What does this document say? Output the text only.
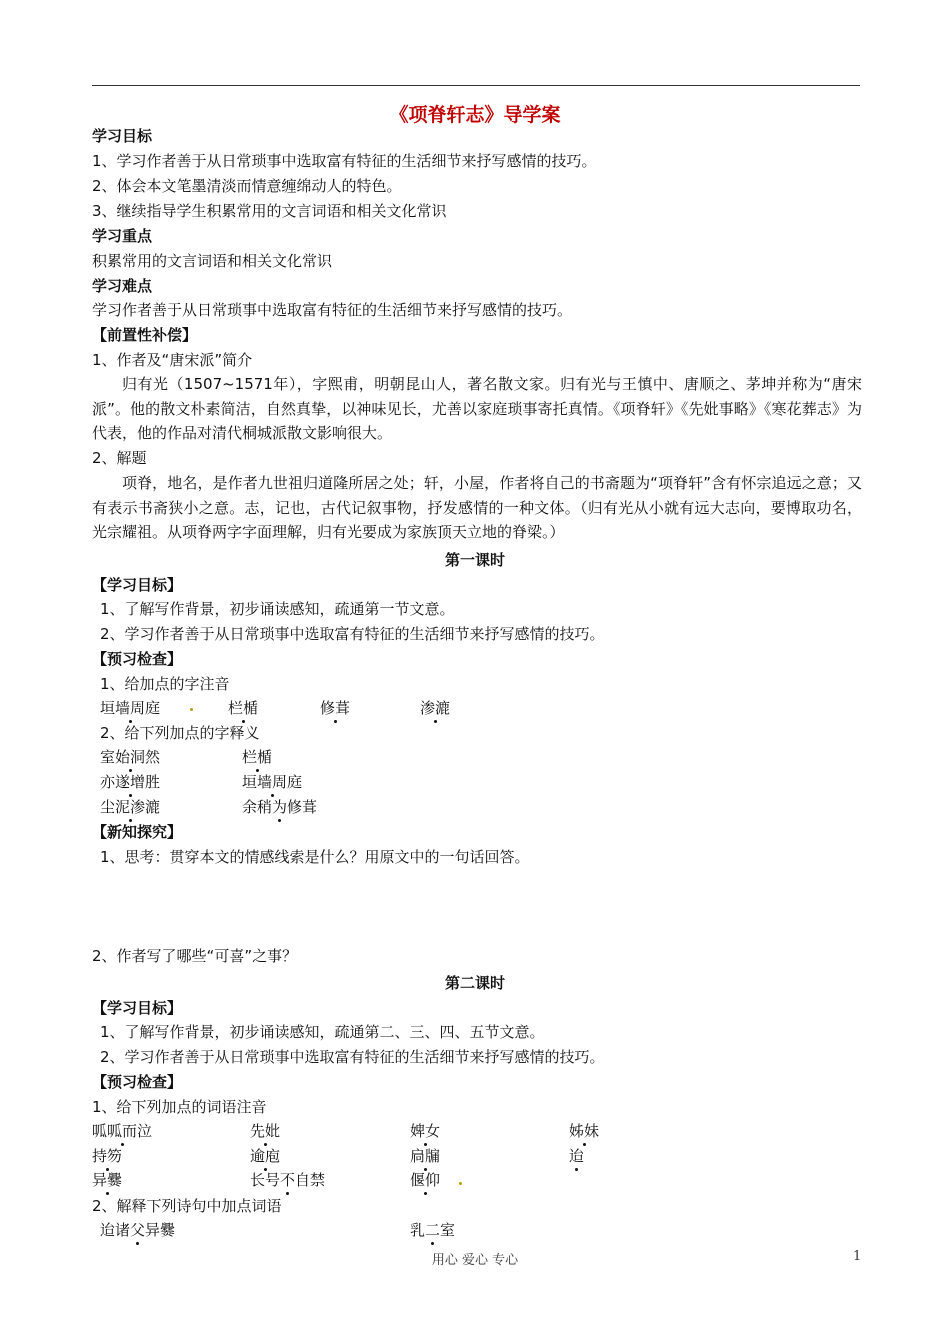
《项脊轩志》导学案
学习目标
1、学习作者善于从日常琐事中选取富有特征的生活细节来抒写感情的技巧。
2、体会本文笔墨清淡而情意缠绵动人的特色。
3、继续指导学生积累常用的文言词语和相关文化常识
学习重点
积累常用的文言词语和相关文化常识
学习难点
学习作者善于从日常琐事中选取富有特征的生活细节来抒写感情的技巧。
【前置性补偿】
1、作者及“唐宋派”简介
归有光（1507~1571年），字熙甫，明朝昆山人，著名散文家。归有光与王慎中、唐顺之、茅坤并称为“唐宋派”。他的散文朴素简洁，自然真挚，以神味见长，尤善以家庭琐事寄托真情。《项脊轩》《先妣事略》《寒花葬志》为代表，他的作品对清代桐城派散文影响很大。
2、解题
项脊，地名，是作者九世祖归道隆所居之处；轩，小屋，作者将自己的书斋题为“项脊轩”含有怀宗追远之意；又有表示书斋狭小之意。志，记也，古代记叙事物，抒发感情的一种文体。（归有光从小就有远大志向，要博取功名，光宗耀祖。从项脊两字字面理解，归有光要成为家族顶天立地的脊梁。）
第一课时
【学习目标】
1、了解写作背景，初步诵读感知，疏通第一节文意。
2、学习作者善于从日常琐事中选取富有特征的生活细节来抒写感情的技巧。
【预习检查】
1、给加点的字注音
垣墙周庭	栏楯	修葺	渗漉
2、给下列加点的字释义
室始洞然	栏楯
亦遂增胜	垣墙周庭
尘泥渗漉	余稍为修葺
【新知探究】
1、思考：贯穿本文的情感线索是什么？用原文中的一句话回答。
2、作者写了哪些“可喜”之事？
第二课时
【学习目标】
1、了解写作背景，初步诵读感知，疏通第二、三、四、五节文意。
2、学习作者善于从日常琐事中选取富有特征的生活细节来抒写感情的技巧。
【预习检查】
1、给下列加点的词语注音
呱呱而泣	先妣	婢女	姊妹
持笏	逾庖	扃牖	迨
异爨	长号不自禁	偃仰
2、解释下列诗句中加点词语
迨诸父异爨	乳二室
用心 爱心 专心	1
